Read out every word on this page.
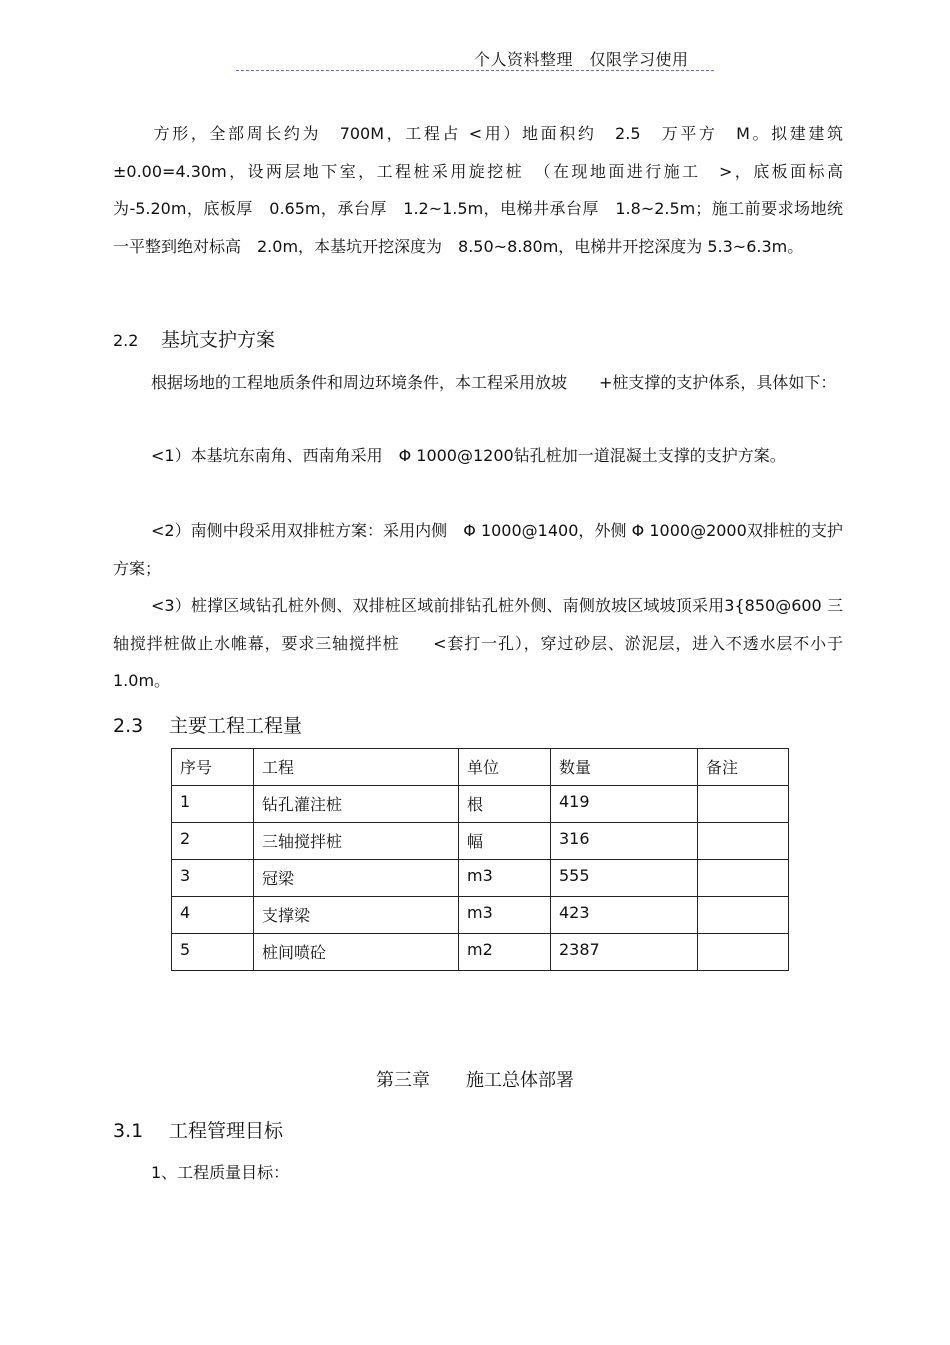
个人资料整理　仅限学习使用

方形，全部周长约为　700M，工程占 <用）地面积约　2.5　万平方　M。拟建建筑±0.00=4.30m，设两层地下室，工程桩采用旋挖桩　（在现地面进行施工　>，底板面标高为-5.20m，底板厚　0.65m，承台厚　1.2~1.5m，电梯井承台厚　1.8~2.5m；施工前要求场地统一平整到绝对标高　2.0m，本基坑开挖深度为　8.50~8.80m，电梯井开挖深度为 5.3~6.3m。

2.2 基坑支护方案

根据场地的工程地质条件和周边环境条件，本工程采用放坡　　+桩支撑的支护体系，具体如下：

<1）本基坑东南角、西南角采用　Φ 1000@1200钻孔桩加一道混凝土支撑的支护方案。

<2）南侧中段采用双排桩方案：采用内侧　Φ 1000@1400，外侧 Φ 1000@2000双排桩的支护方案；

<3）桩撑区域钻孔桩外侧、双排桩区域前排钻孔桩外侧、南侧放坡区域坡顶采用3{850@600 三轴搅拌桩做止水帷幕，要求三轴搅拌桩　　<套打一孔），穿过砂层、淤泥层，进入不透水层不小于　1.0m。

2.3 主要工程工程量
序号	工程	单位	数量	备注
1	钻孔灌注桩	根	419	
2	三轴搅拌桩	幅	316	
3	冠梁	m3	555	
4	支撑梁	m3	423	
5	桩间喷砼	m2	2387	
第三章 施工总体部署
3.1 工程管理目标

1、工程质量目标：
